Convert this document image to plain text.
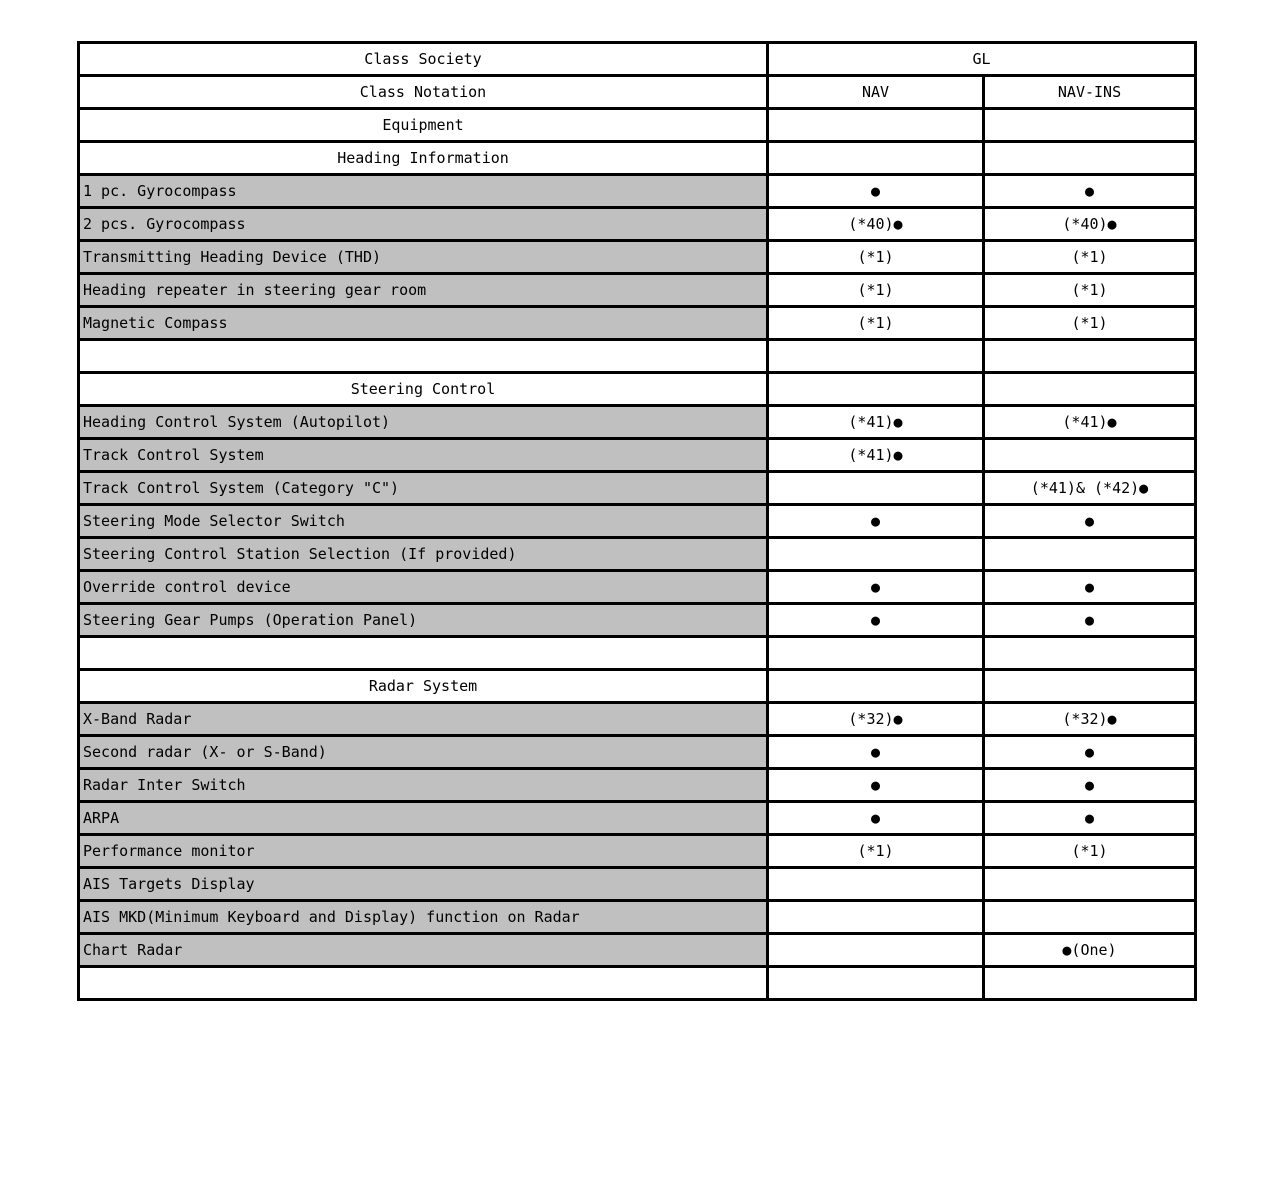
Class Society	GL	
Class Notation	NAV	NAV-INS
Equipment		
Heading Information		
1 pc. Gyrocompass	●	●
2 pcs. Gyrocompass	(*40)●	(*40)●
Transmitting Heading Device (THD)	(*1)	(*1)
Heading repeater in steering gear room	(*1)	(*1)
Magnetic Compass	(*1)	(*1)

Steering Control		
Heading Control System (Autopilot)	(*41)●	(*41)●
Track Control System	(*41)●	
Track Control System (Category "C")		(*41)& (*42)●
Steering Mode Selector Switch	●	●
Steering Control Station Selection (If provided)		
Override control device	●	●
Steering Gear Pumps (Operation Panel)	●	●

Radar System		
X-Band Radar	(*32)●	(*32)●
Second radar (X- or S-Band)	●	●
Radar Inter Switch	●	●
ARPA	●	●
Performance monitor	(*1)	(*1)
AIS Targets Display		
AIS MKD(Minimum Keyboard and Display) function on Radar		
Chart Radar		●(One)
